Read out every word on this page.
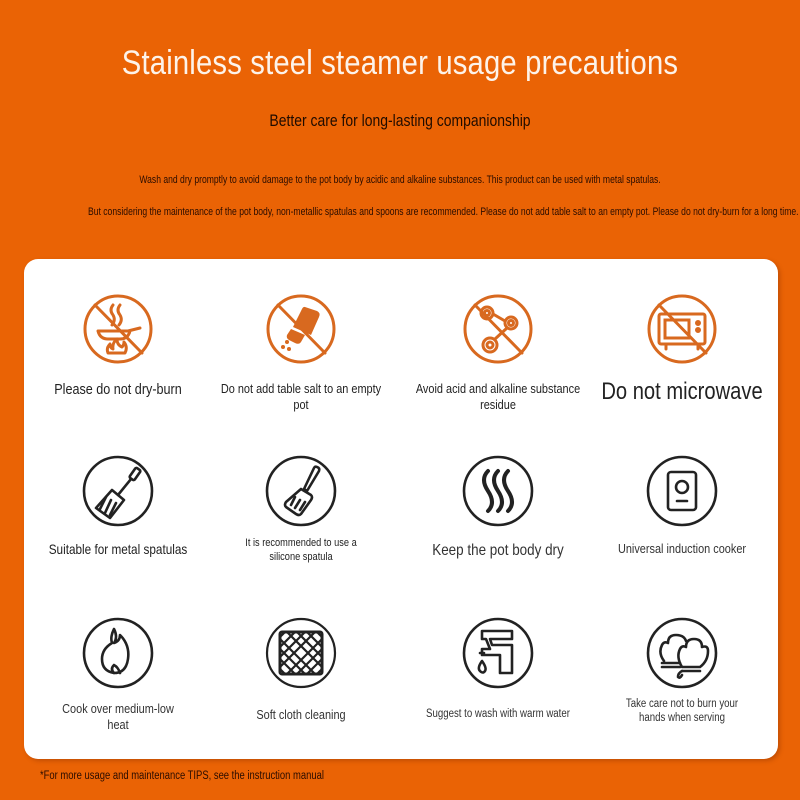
Stainless steel steamer usage precautions
Better care for long-lasting companionship
Wash and dry promptly to avoid damage to the pot body by acidic and alkaline substances. This product can be used with metal spatulas.
But considering the maintenance of the pot body, non-metallic spatulas and spoons are recommended. Please do not add table salt to an empty pot. Please do not dry-burn for a long time.
Please do not dry-burn	Do not add table salt to an empty pot
Avoid acid and alkaline substance residue	Do not microwave
Suitable for metal spatulas	It is recommended to use a silicone spatula	Keep the pot body dry	Universal induction cooker
Cook over medium-low heat
Soft cloth cleaning	Suggest to wash with warm water
Take care not to burn your hands when serving
*For more usage and maintenance TIPS, see the instruction manual
